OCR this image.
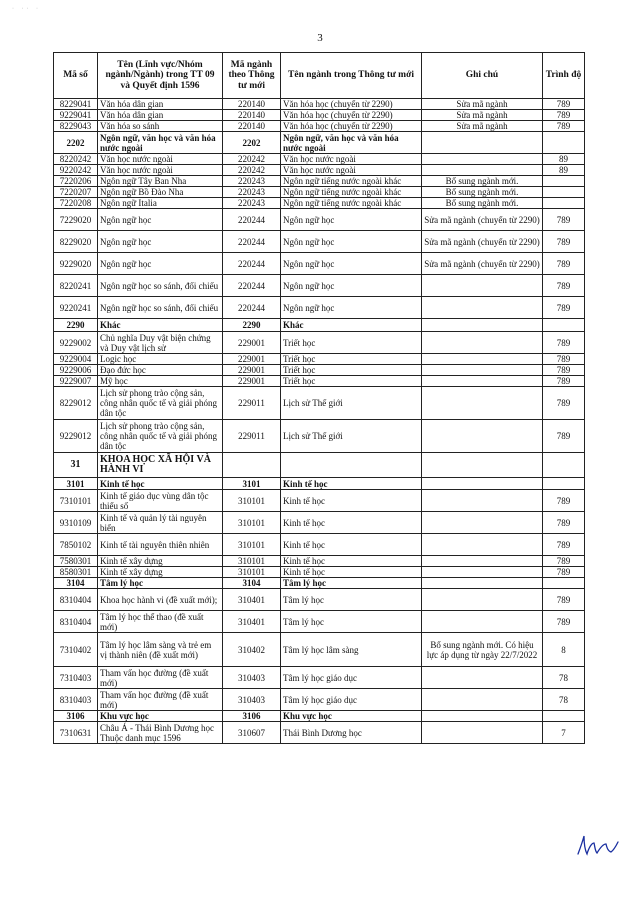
· ·· ·
3
Mã số	Tên (Lĩnh vực/Nhóm ngành/Ngành) trong TT 09 và Quyết định 1596	Mã ngành theo Thông tư mới	Tên ngành trong Thông tư mới	Ghi chú	Trình độ
8229041	Văn hóa dân gian	220140	Văn hóa học (chuyển từ 2290)	Sửa mã ngành	789
9229041	Văn hóa dân gian	220140	Văn hóa học (chuyển từ 2290)	Sửa mã ngành	789
8229043	Văn hóa so sánh	220140	Văn hóa học (chuyển từ 2290)	Sửa mã ngành	789
2202	Ngôn ngữ, văn học và văn hóa nước ngoài	2202	Ngôn ngữ, văn học và văn hóa nước ngoài		
8220242	Văn học nước ngoài	220242	Văn học nước ngoài		89
9220242	Văn học nước ngoài	220242	Văn học nước ngoài		89
7220206	Ngôn ngữ Tây Ban Nha	220243	Ngôn ngữ tiếng nước ngoài khác	Bổ sung ngành mới.	
7220207	Ngôn ngữ Bồ Đào Nha	220243	Ngôn ngữ tiếng nước ngoài khác	Bổ sung ngành mới.	
7220208	Ngôn ngữ Italia	220243	Ngôn ngữ tiếng nước ngoài khác	Bổ sung ngành mới.	
7229020	Ngôn ngữ học	220244	Ngôn ngữ học	Sửa mã ngành (chuyển từ 2290)	789
8229020	Ngôn ngữ học	220244	Ngôn ngữ học	Sửa mã ngành (chuyển từ 2290)	789
9229020	Ngôn ngữ học	220244	Ngôn ngữ học	Sửa mã ngành (chuyển từ 2290)	789
8220241	Ngôn ngữ học so sánh, đối chiếu	220244	Ngôn ngữ học		789
9220241	Ngôn ngữ học so sánh, đối chiếu	220244	Ngôn ngữ học		789
2290	Khác	2290	Khác		
9229002	Chủ nghĩa Duy vật biện chứng và Duy vật lịch sử	229001	Triết học		789
9229004	Logic học	229001	Triết học		789
9229006	Đạo đức học	229001	Triết học		789
9229007	Mỹ học	229001	Triết học		789
8229012	Lịch sử phong trào cộng sản, công nhân quốc tế và giải phóng dân tộc	229011	Lịch sử Thế giới		789
9229012	Lịch sử phong trào cộng sản, công nhân quốc tế và giải phóng dân tộc	229011	Lịch sử Thế giới		789
31	KHOA HỌC XÃ HỘI VÀ HÀNH VI				
3101	Kinh tế học	3101	Kinh tế học		
7310101	Kinh tế giáo dục vùng dân tộc thiểu số	310101	Kinh tế học		789
9310109	Kinh tế và quản lý tài nguyên biển	310101	Kinh tế học		789
7850102	Kinh tế tài nguyên thiên nhiên	310101	Kinh tế học		789
7580301	Kinh tế xây dựng	310101	Kinh tế học		789
8580301	Kinh tế xây dựng	310101	Kinh tế học		789
3104	Tâm lý học	3104	Tâm lý học		
8310404	Khoa học hành vi (đề xuất mới);	310401	Tâm lý học		789
8310404	Tâm lý học thể thao (đề xuất mới)	310401	Tâm lý học		789
7310402	Tâm lý học lâm sàng và trẻ em vị thành niên (đề xuất mới)	310402	Tâm lý học lâm sàng	Bổ sung ngành mới. Có hiệu lực áp dụng từ ngày 22/7/2022	8
7310403	Tham vấn học đường (đề xuất mới)	310403	Tâm lý học giáo dục		78
8310403	Tham vấn học đường (đề xuất mới)	310403	Tâm lý học giáo dục		78
3106	Khu vực học	3106	Khu vực học		
7310631	Châu Á - Thái Bình Dương học Thuộc danh mục 1596	310607	Thái Bình Dương học		7
